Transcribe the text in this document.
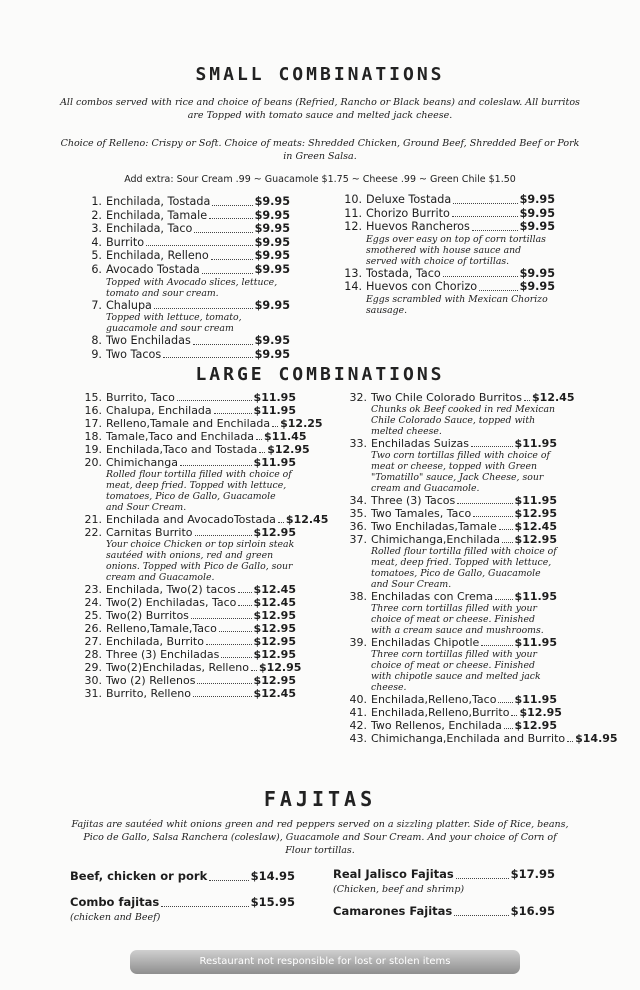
SMALL COMBINATIONS
All combos served with rice and choice of beans (Refried, Rancho or Black beans) and coleslaw. All burritos are Topped with tomato sauce and melted jack cheese.
Choice of Relleno: Crispy or Soft. Choice of meats: Shredded Chicken, Ground Beef, Shredded Beef or Pork in Green Salsa.
Add extra: Sour Cream .99 ~ Guacamole $1.75 ~ Cheese .99 ~ Green Chile $1.50
1. Enchilada, Tostada	$9.95
2. Enchilada, Tamale	$9.95
3. Enchilada, Taco	$9.95
4. Burrito	$9.95
5. Enchilada, Relleno	$9.95
6. Avocado Tostada	$9.95
Topped with Avocado slices, lettuce, tomato and sour cream.
7. Chalupa	$9.95
Topped with lettuce, tomato, guacamole and sour cream
8. Two Enchiladas	$9.95
9. Two Tacos	$9.95
10. Deluxe Tostada	$9.95
11. Chorizo Burrito	$9.95
12. Huevos Rancheros	$9.95
Eggs over easy on top of corn tortillas smothered with house sauce and served with choice of tortillas.
13. Tostada, Taco	$9.95
14. Huevos con Chorizo	$9.95
Eggs scrambled with Mexican Chorizo sausage.
LARGE COMBINATIONS
15. Burrito, Taco	$11.95
16. Chalupa, Enchilada	$11.95
17. Relleno,Tamale and Enchilada $12.25
18. Tamale,Taco and Enchilada $11.45
19. Enchilada,Taco and Tostada $12.95
20. Chimichanga	$11.95
Rolled flour tortilla filled with choice of meat, deep fried. Topped with lettuce, tomatoes, Pico de Gallo, Guacamole and Sour Cream.
21. Enchilada and AvocadoTostada $12.45
22. Carnitas Burrito	$12.95
Your choice Chicken or top sirloin steak sautéed with onions, red and green onions. Topped with Pico de Gallo, sour cream and Guacamole.
23. Enchilada, Two(2) tacos $12.45
24. Two(2) Enchiladas, Taco $12.45
25. Two(2) Burritos	$12.95
26. Relleno,Tamale,Taco	$12.95
27. Enchilada, Burrito	$12.95
28. Three (3) Enchiladas	$12.95
29. Two(2)Enchiladas, Relleno $12.95
30. Two (2) Rellenos	$12.95
31. Burrito, Relleno	$12.45
32. Two Chile Colorado Burritos $12.45
Chunks ok Beef cooked in red Mexican Chile Colorado Sauce, topped with melted cheese.
33. Enchiladas Suizas	$11.95
Two corn tortillas filled with choice of meat or cheese, topped with Green "Tomatillo" sauce, Jack Cheese, sour cream and Guacamole.
34. Three (3) Tacos	$11.95
35. Two Tamales, Taco	$12.95
36. Two Enchiladas,Tamale $12.45
37. Chimichanga,Enchilada $12.95
Rolled flour tortilla filled with choice of meat, deep fried. Topped with lettuce, tomatoes, Pico de Gallo, Guacamole and Sour Cream.
38. Enchiladas con Crema $11.95
Three corn tortillas filled with your choice of meat or cheese. Finished with a cream sauce and mushrooms.
39. Enchiladas Chipotle	$11.95
Three corn tortillas filled with your choice of meat or cheese. Finished with chipotle sauce and melted jack cheese.
40. Enchilada,Relleno,Taco $11.95
41. Enchilada,Relleno,Burrito $12.95
42. Two Rellenos, Enchilada $12.95
43. Chimichanga,Enchilada and Burrito $14.95
FAJITAS
Fajitas are sautéed whit onions green and red peppers served on a sizzling platter. Side of Rice, beans, Pico de Gallo, Salsa Ranchera (coleslaw), Guacamole and Sour Cream. And your choice of Corn of Flour tortillas.
Beef, chicken or pork	$14.95
Combo fajitas	$15.95
(chicken and Beef)
Real Jalisco Fajitas	$17.95
(Chicken, beef and shrimp)
Camarones Fajitas	$16.95
Restaurant not responsible for lost or stolen items
